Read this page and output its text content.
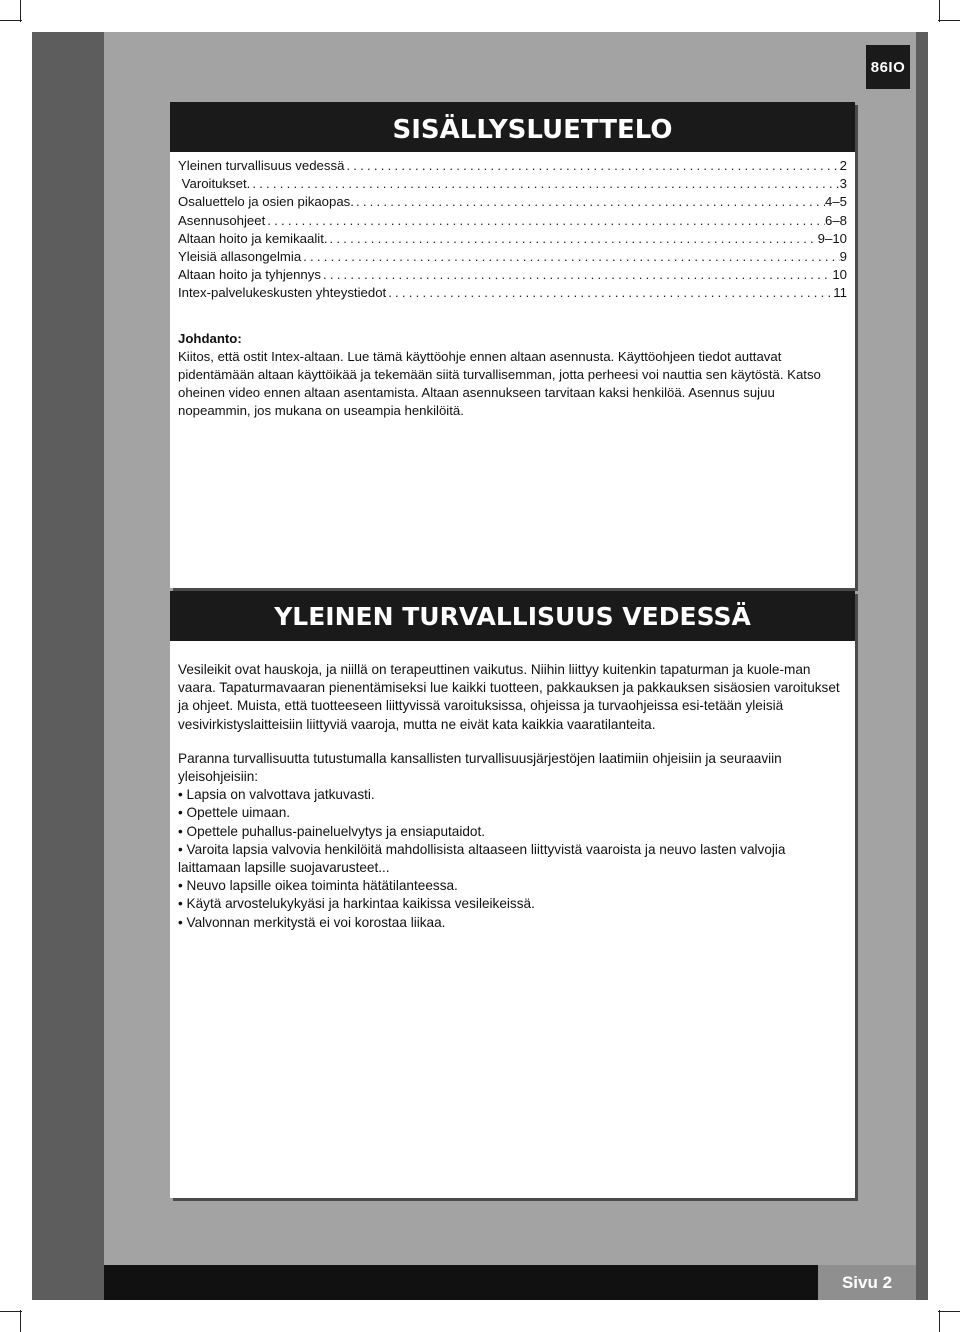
86IO
SISÄLLYSLUETTELO
Yleinen turvallisuus vedessä .....	2
Varoitukset. .....	3
Osaluettelo ja osien pikaopas. .....	4–5
Asennusohjeet .....	6–8
Altaan hoito ja kemikaalit. .....	9–10
Yleisiä allasongelmia .....	9
Altaan hoito ja tyhjennys .....	10
Intex-palvelukeskusten yhteystiedot .....	11
Johdanto:
Kiitos, että ostit Intex-altaan. Lue tämä käyttöohje ennen altaan asennusta. Käyttöohjeen tiedot auttavat pidentämään altaan käyttöikää ja tekemään siitä turvallisemman, jotta perheesi voi nauttia sen käytöstä. Katso oheinen video ennen altaan asentamista. Altaan asennukseen tarvitaan kaksi henkilöä. Asennus sujuu nopeammin, jos mukana on useampia henkilöitä.
YLEINEN TURVALLISUUS VEDESSÄ

Vesileikit ovat hauskoja, ja niillä on terapeuttinen vaikutus. Niihin liittyy kuitenkin tapaturman ja kuole-man vaara. Tapaturmavaaran pienentämiseksi lue kaikki tuotteen, pakkauksen ja pakkauksen sisäosien varoitukset ja ohjeet. Muista, että tuotteeseen liittyvissä varoituksissa, ohjeissa ja turvaohjeissa esi-tetään yleisiä vesivirkistyslaitteisiin liittyviä vaaroja, mutta ne eivät kata kaikkia vaaratilanteita.

Paranna turvallisuutta tutustumalla kansallisten turvallisuusjärjestöjen laatimiin ohjeisiin ja seuraaviin yleisohjeisiin:

• Lapsia on valvottava jatkuvasti.
• Opettele uimaan.
• Opettele puhallus-paineluelvytys ja ensiaputaidot.
• Varoita lapsia valvovia henkilöitä mahdollisista altaaseen liittyvistä vaaroista ja neuvo lasten valvojia laittamaan lapsille suojavarusteet...
• Neuvo lapsille oikea toiminta hätätilanteessa.
• Käytä arvostelukykyäsi ja harkintaa kaikissa vesileikeissä.
• Valvonnan merkitystä ei voi korostaa liikaa.
Sivu 2
